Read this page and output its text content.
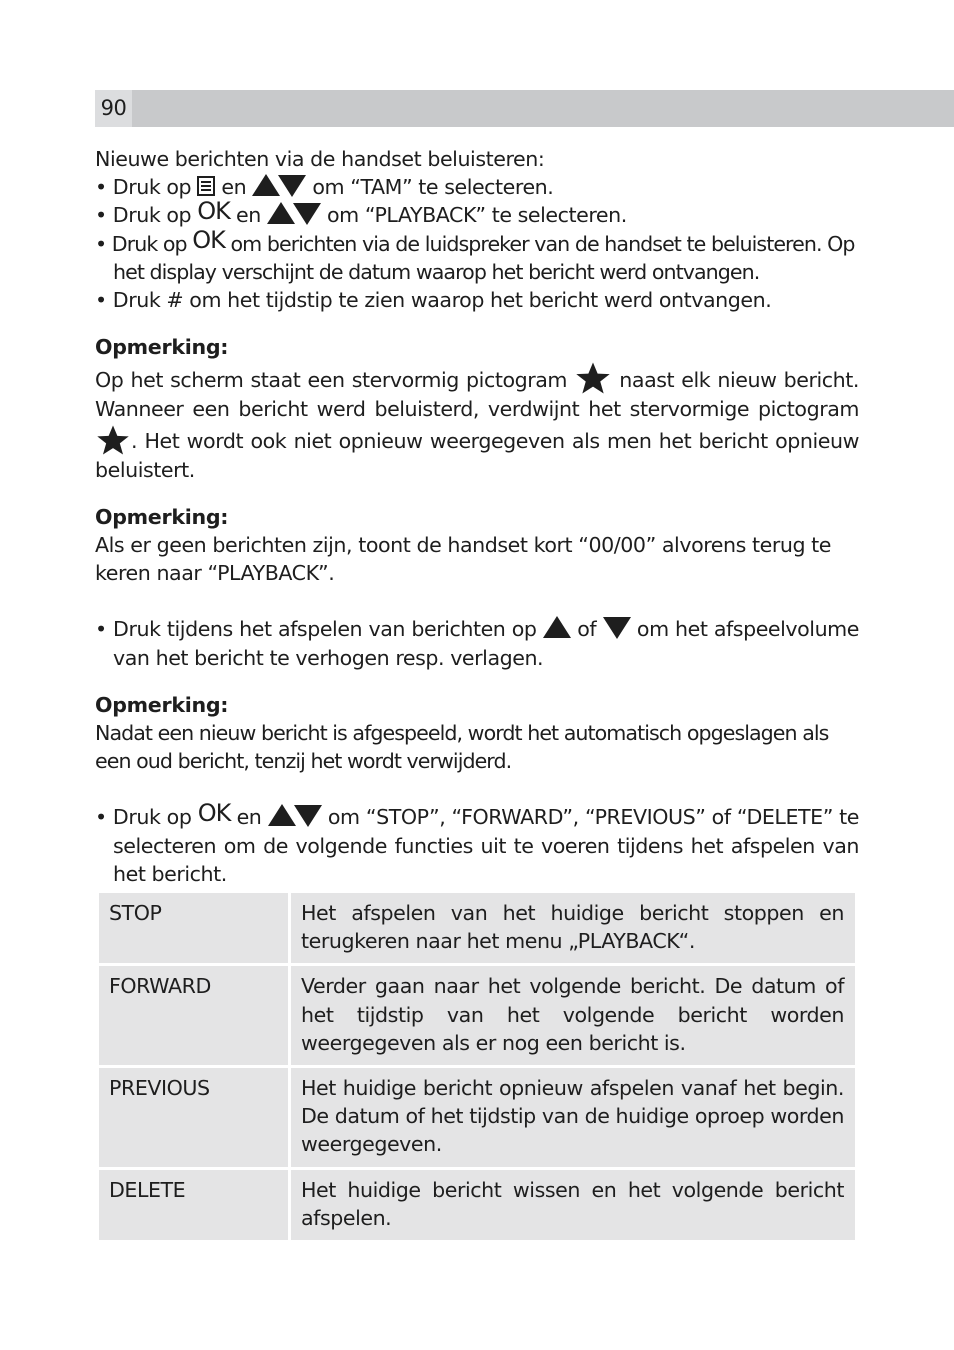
90

Nieuwe berichten via de handset beluisteren:

• Druk op  en / om “TAM” te selecteren.

• Druk op OK en / om “PLAYBACK” te selecteren.

• Druk op OK om berichten via de luidspreker van de handset te beluisteren. Op het display verschijnt de datum waarop het bericht werd ontvangen.

• Druk # om het tijdstip te zien waarop het bericht werd ontvangen.

Opmerking:

Op het scherm staat een stervormig pictogram  naast elk nieuw bericht. Wanneer een bericht werd beluisterd, verdwijnt het stervormige pictogram . Het wordt ook niet opnieuw weergegeven als men het bericht opnieuw beluistert.

Opmerking:

Als er geen berichten zijn, toont de handset kort “00/00” alvorens terug te keren naar “PLAYBACK”.

• Druk tijdens het afspelen van berichten op  of  om het afspeelvolume van het bericht te verhogen resp. verlagen.

Opmerking:

Nadat een nieuw bericht is afgespeeld, wordt het automatisch opgeslagen als een oud bericht, tenzij het wordt verwijderd.

• Druk op OK en / om “STOP”, “FORWARD”, “PREVIOUS” of “DELETE” te selecteren om de volgende functies uit te voeren tijdens het afspelen van het bericht.

STOP	Het afspelen van het huidige bericht stoppen en terugkeren naar het menu „PLAYBACK“.
FORWARD	Verder gaan naar het volgende bericht. De datum of het tijdstip van het volgende bericht worden weergegeven als er nog een bericht is.
PREVIOUS	Het huidige bericht opnieuw afspelen vanaf het begin. De datum of het tijdstip van de huidige oproep worden weergegeven.
DELETE	Het huidige bericht wissen en het volgende bericht afspelen.
